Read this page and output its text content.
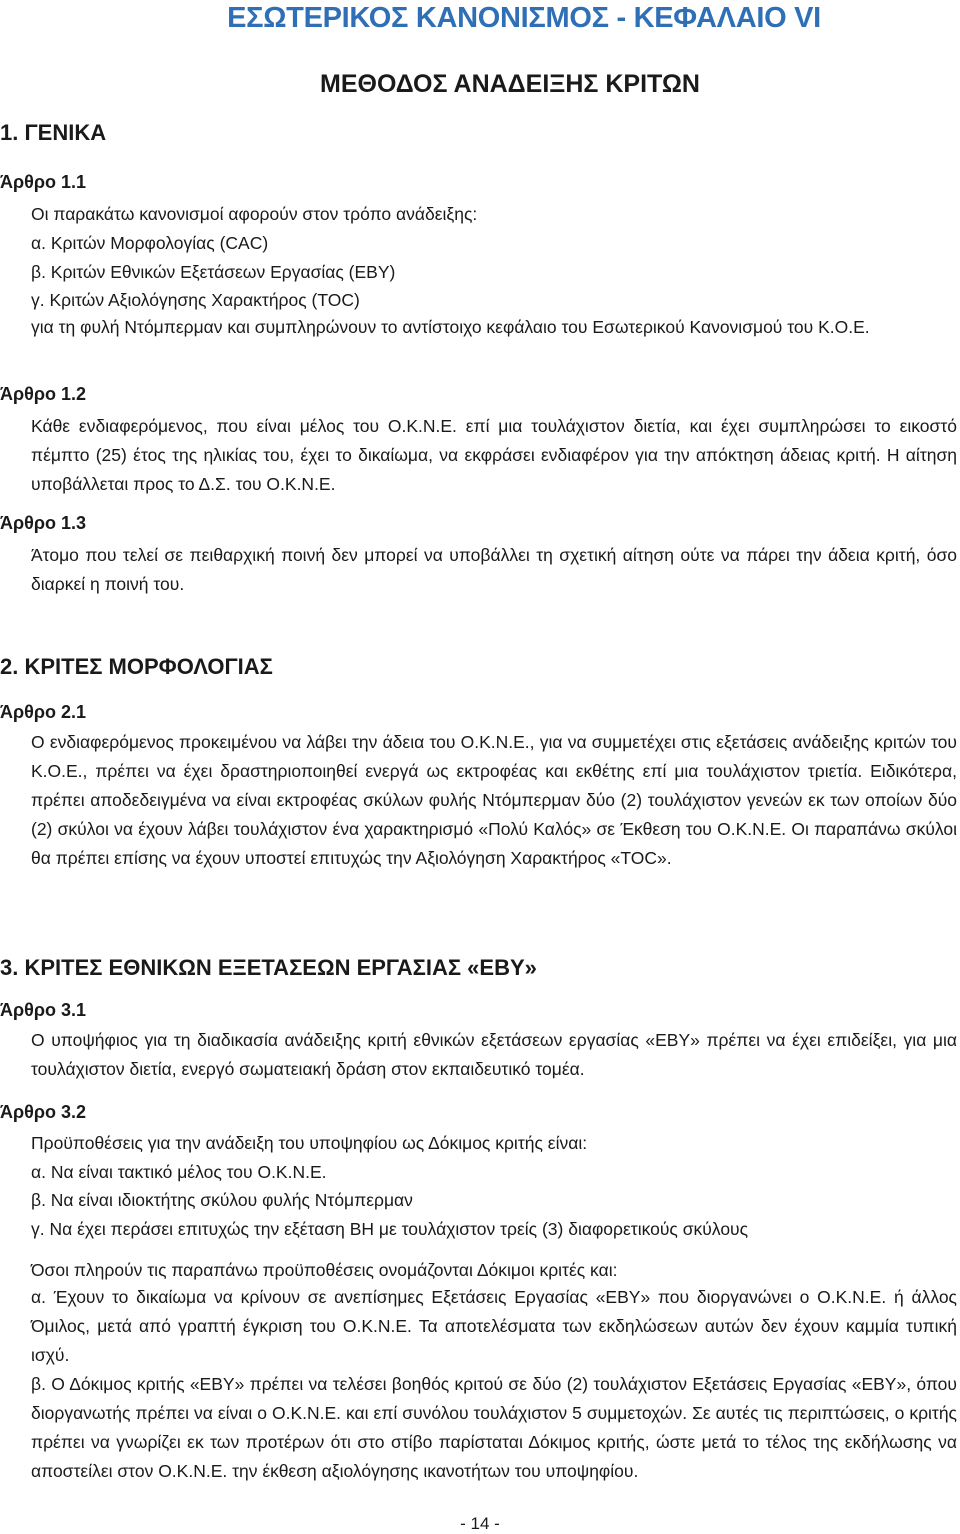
ΕΣΩΤΕΡΙΚΟΣ ΚΑΝΟΝΙΣΜΟΣ - ΚΕΦΑΛΑΙΟ VI
ΜΕΘΟΔΟΣ ΑΝΑΔΕΙΞΗΣ ΚΡΙΤΩΝ
1. ΓΕΝΙΚΑ
Άρθρο 1.1
Οι παρακάτω κανονισμοί αφορούν στον τρόπο ανάδειξης:
α. Κριτών Μορφολογίας (CAC)
β. Κριτών Εθνικών Εξετάσεων Εργασίας (EBY)
γ. Κριτών Αξιολόγησης Χαρακτήρος (TOC)
για τη φυλή Ντόμπερμαν και συμπληρώνουν το αντίστοιχο κεφάλαιο του Εσωτερικού Κανονισμού του Κ.Ο.Ε.
Άρθρο 1.2
Κάθε ενδιαφερόμενος, που είναι μέλος του Ο.Κ.Ν.Ε. επί μια τουλάχιστον διετία, και έχει συμπληρώσει το εικοστό πέμπτο (25) έτος της ηλικίας του, έχει το δικαίωμα, να εκφράσει ενδιαφέρον για την απόκτηση άδειας κριτή. Η αίτηση υποβάλλεται προς το Δ.Σ. του Ο.Κ.Ν.Ε.
Άρθρο 1.3
Άτομο που τελεί σε πειθαρχική ποινή δεν μπορεί να υποβάλλει τη σχετική αίτηση ούτε να πάρει την άδεια κριτή, όσο διαρκεί η ποινή του.
2. ΚΡΙΤΕΣ ΜΟΡΦΟΛΟΓΙΑΣ
Άρθρο 2.1
Ο ενδιαφερόμενος προκειμένου να λάβει την άδεια του Ο.Κ.Ν.Ε., για να συμμετέχει στις εξετάσεις ανάδειξης κριτών του Κ.Ο.Ε., πρέπει να έχει δραστηριοποιηθεί ενεργά ως εκτροφέας και εκθέτης επί μια τουλάχιστον τριετία. Ειδικότερα, πρέπει αποδεδειγμένα να είναι εκτροφέας σκύλων φυλής Ντόμπερμαν δύο (2) τουλάχιστον γενεών εκ των οποίων δύο (2) σκύλοι να έχουν λάβει τουλάχιστον ένα χαρακτηρισμό «Πολύ Καλός» σε Έκθεση του Ο.Κ.Ν.Ε. Οι παραπάνω σκύλοι θα πρέπει επίσης να έχουν υποστεί επιτυχώς την Αξιολόγηση Χαρακτήρος «TOC».
3. ΚΡΙΤΕΣ ΕΘΝΙΚΩΝ ΕΞΕΤΑΣΕΩΝ ΕΡΓΑΣΙΑΣ «ΕΒΥ»
Άρθρο 3.1
Ο υποψήφιος για τη διαδικασία ανάδειξης κριτή εθνικών εξετάσεων εργασίας «ΕΒΥ» πρέπει να έχει επιδείξει, για μια τουλάχιστον διετία, ενεργό σωματειακή δράση στον εκπαιδευτικό τομέα.
Άρθρο 3.2
Προϋποθέσεις για την ανάδειξη του υποψηφίου ως Δόκιμος κριτής είναι:
α. Να είναι τακτικό μέλος του Ο.Κ.Ν.Ε.
β. Να είναι ιδιοκτήτης σκύλου φυλής Ντόμπερμαν
γ. Να έχει περάσει επιτυχώς την εξέταση ΒΗ με τουλάχιστον τρείς (3) διαφορετικούς σκύλους
Όσοι πληρούν τις παραπάνω προϋποθέσεις ονομάζονται Δόκιμοι κριτές και:
α. Έχουν το δικαίωμα να κρίνουν σε ανεπίσημες Εξετάσεις Εργασίας «ΕΒΥ» που διοργανώνει ο Ο.Κ.Ν.Ε. ή άλλος Όμιλος, μετά από γραπτή έγκριση του Ο.Κ.Ν.Ε. Τα αποτελέσματα των εκδηλώσεων αυτών δεν έχουν καμμία τυπική ισχύ.
β. Ο Δόκιμος κριτής «ΕΒΥ» πρέπει να τελέσει βοηθός κριτού σε δύο (2) τουλάχιστον Εξετάσεις Εργασίας «ΕΒΥ», όπου διοργανωτής πρέπει να είναι ο Ο.Κ.Ν.Ε. και επί συνόλου τουλάχιστον 5 συμμετοχών. Σε αυτές τις περιπτώσεις, ο κριτής πρέπει να γνωρίζει εκ των προτέρων ότι στο στίβο παρίσταται Δόκιμος κριτής, ώστε μετά το τέλος της εκδήλωσης να αποστείλει στον Ο.Κ.Ν.Ε. την έκθεση αξιολόγησης ικανοτήτων του υποψηφίου.
- 14 -
